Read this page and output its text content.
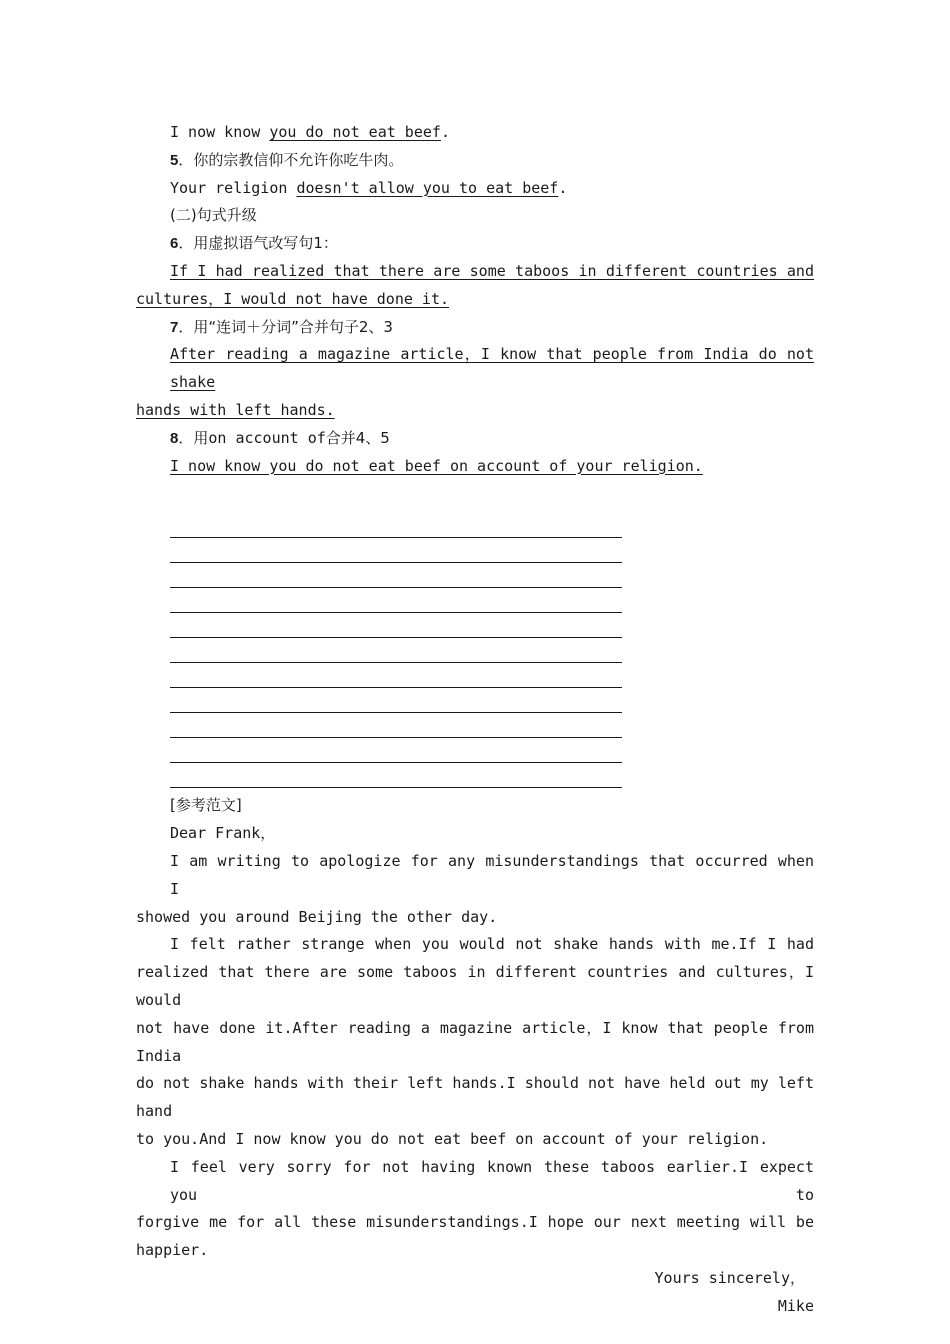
I now know you do not eat beef.
5．你的宗教信仰不允许你吃牛肉。
Your religion doesn't allow you to eat beef.
(二)句式升级
6．用虚拟语气改写句1：
If I had realized that there are some taboos in different countries and
cultures，I would not have done it.
7．用“连词＋分词”合并句子2、3
After reading a magazine article，I know that people from India do not shake
hands with left hands.
8．用on account of合并4、5
I now know you do not eat beef on account of your religion.
[参考范文]
Dear Frank，
I am writing to apologize for any misunderstandings that occurred when I
showed you around Beijing the other day.
I felt rather strange when you would not shake hands with me.If I had
realized that there are some taboos in different countries and cultures，I would
not have done it.After reading a magazine article，I know that people from India
do not shake hands with their left hands.I should not have held out my left hand
to you.And I now know you do not eat beef on account of your religion.
I feel very sorry for not having known these taboos earlier.I expect you to
forgive me for all these misunderstandings.I hope our next meeting will be
happier.
Yours sincerely，
Mike
